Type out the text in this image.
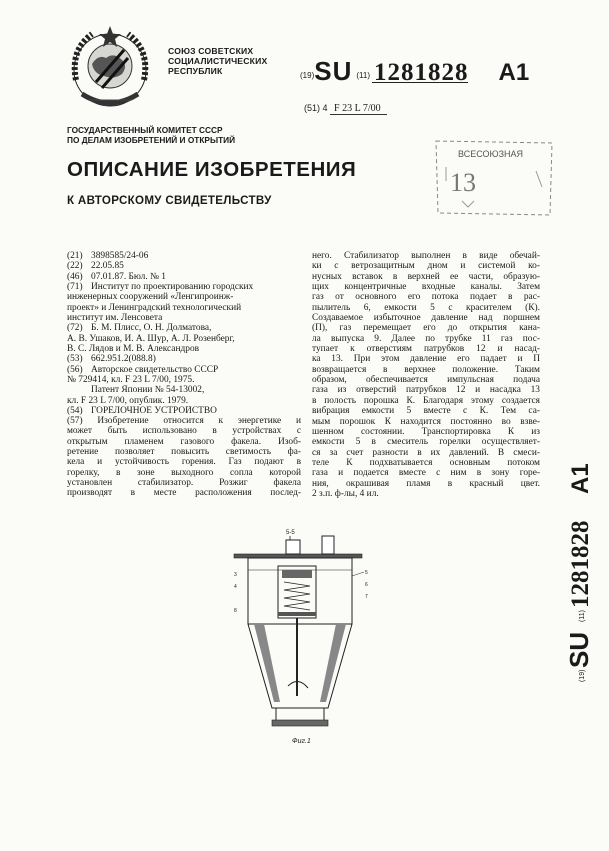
СОЮЗ СОВЕТСКИХ
СОЦИАЛИСТИЧЕСКИХ
РЕСПУБЛИК	(19)SU (11) 1281828 A1
(51) 4 F 23 L 7/00
ГОСУДАРСТВЕННЫЙ КОМИТЕТ СССР
ПО ДЕЛАМ ИЗОБРЕТЕНИЙ И ОТКРЫТИЙ
ВСЕСОЮЗНАЯ
13
ОПИСАНИЕ ИЗОБРЕТЕНИЯ
К АВТОРСКОМУ СВИДЕТЕЛЬСТВУ
(21) 3898585/24-06
(22) 22.05.85
(46) 07.01.87. Бюл. № 1
(71) Институт по проектированию городских
инженерных сооружений «Ленгипроинж-
проект» и Ленинградский технологический
институт им. Ленсовета
(72) Б. М. Плисс, О. Н. Долматова,
А. В. Ушаков, И. А. Шур, А. Л. Розенберг,
В. С. Лядов и М. В. Александров
(53) 662.951.2(088.8)
(56) Авторское свидетельство СССР
№ 729414, кл. F 23 L 7/00, 1975.
Патент Японии № 54-13002,
кл. F 23 L 7/00, опублик. 1979.
(54) ГОРЕЛОЧНОЕ УСТРОЙСТВО
(57) Изобретение относится к энергетике и
может быть использовано в устройствах с
открытым пламенем газового факела. Изоб-
ретение позволяет повысить светимость фа-
кела и устойчивость горения. Газ подают в
горелку, в зоне выходного сопла которой
установлен стабилизатор. Розжиг факела
производят в месте расположения послед-
него. Стабилизатор выполнен в виде обечай-
ки с ветрозащитным дном и системой ко-
нусных вставок в верхней ее части, образую-
щих концентричные входные каналы. Затем
газ от основного его потока подает в рас-
пылитель 6, емкости 5 с красителем (К).
Создаваемое избыточное давление над поршнем
(П), газ перемещает его до открытия кана-
ла выпуска 9. Далее по трубке 11 газ пос-
тупает к отверстиям патрубков 12 и насад-
ка 13. При этом давление его падает и П
возвращается в верхнее положение. Таким
образом, обеспечивается импульсная подача
газа из отверстий патрубков 12 и насадка 13
в полость порошка К. Благодаря этому создается
вибрация емкости 5 вместе с К. Тем са-
мым порошок К находится постоянно во взве-
шенном состоянии. Транспортировка К из
емкости 5 в смеситель горелки осуществляет-
ся за счет разности в их давлений. В смеси-
теле К подхватывается основным потоком
газа и подается вместе с ним в зону горе-
ния, окрашивая пламя в красный цвет.
2 з.п. ф-лы, 4 ил.
(19)
SU
(11)
1281828
A1
5-5
5
6
7
3
4
8
Фиг.1
